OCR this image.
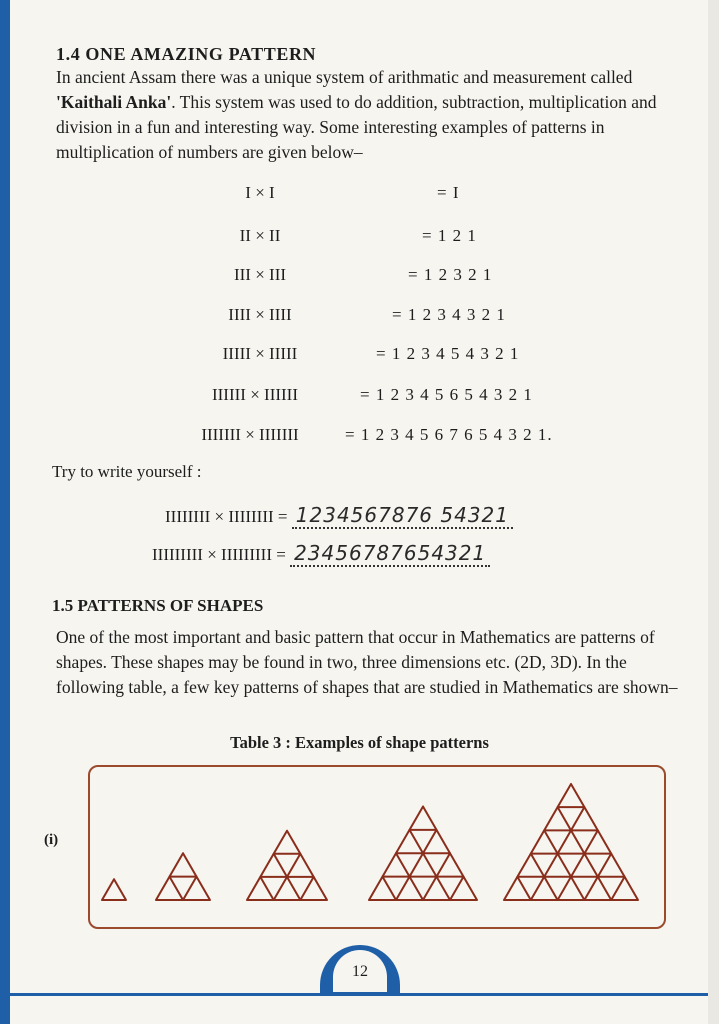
1.4 ONE AMAZING PATTERN
In ancient Assam there was a unique system of arithmatic and measurement called 'Kaithali Anka'. This system was used to do addition, subtraction, multiplication and division in a fun and interesting way. Some interesting examples of patterns in multiplication of numbers are given below–
I × I	= I
II × II	= 1 2 1
III × III	= 1 2 3 2 1
IIII × IIII	= 1 2 3 4 3 2 1
IIIII × IIIII	= 1 2 3 4 5 4 3 2 1
IIIIII × IIIIII	= 1 2 3 4 5 6 5 4 3 2 1
IIIIIII × IIIIIII	= 1 2 3 4 5 6 7 6 5 4 3 2 1.
Try to write yourself :
IIIIIIII × IIIIIIII = 1234567876 54321
IIIIIIIII × IIIIIIIII = 23456787654321
1.5 PATTERNS OF SHAPES
One of the most important and basic pattern that occur in Mathematics are patterns of shapes. These shapes may be found in two, three dimensions etc. (2D, 3D). In the following table, a few key patterns of shapes that are studied in Mathematics are shown–
Table 3 : Examples of shape patterns
(i)
12
